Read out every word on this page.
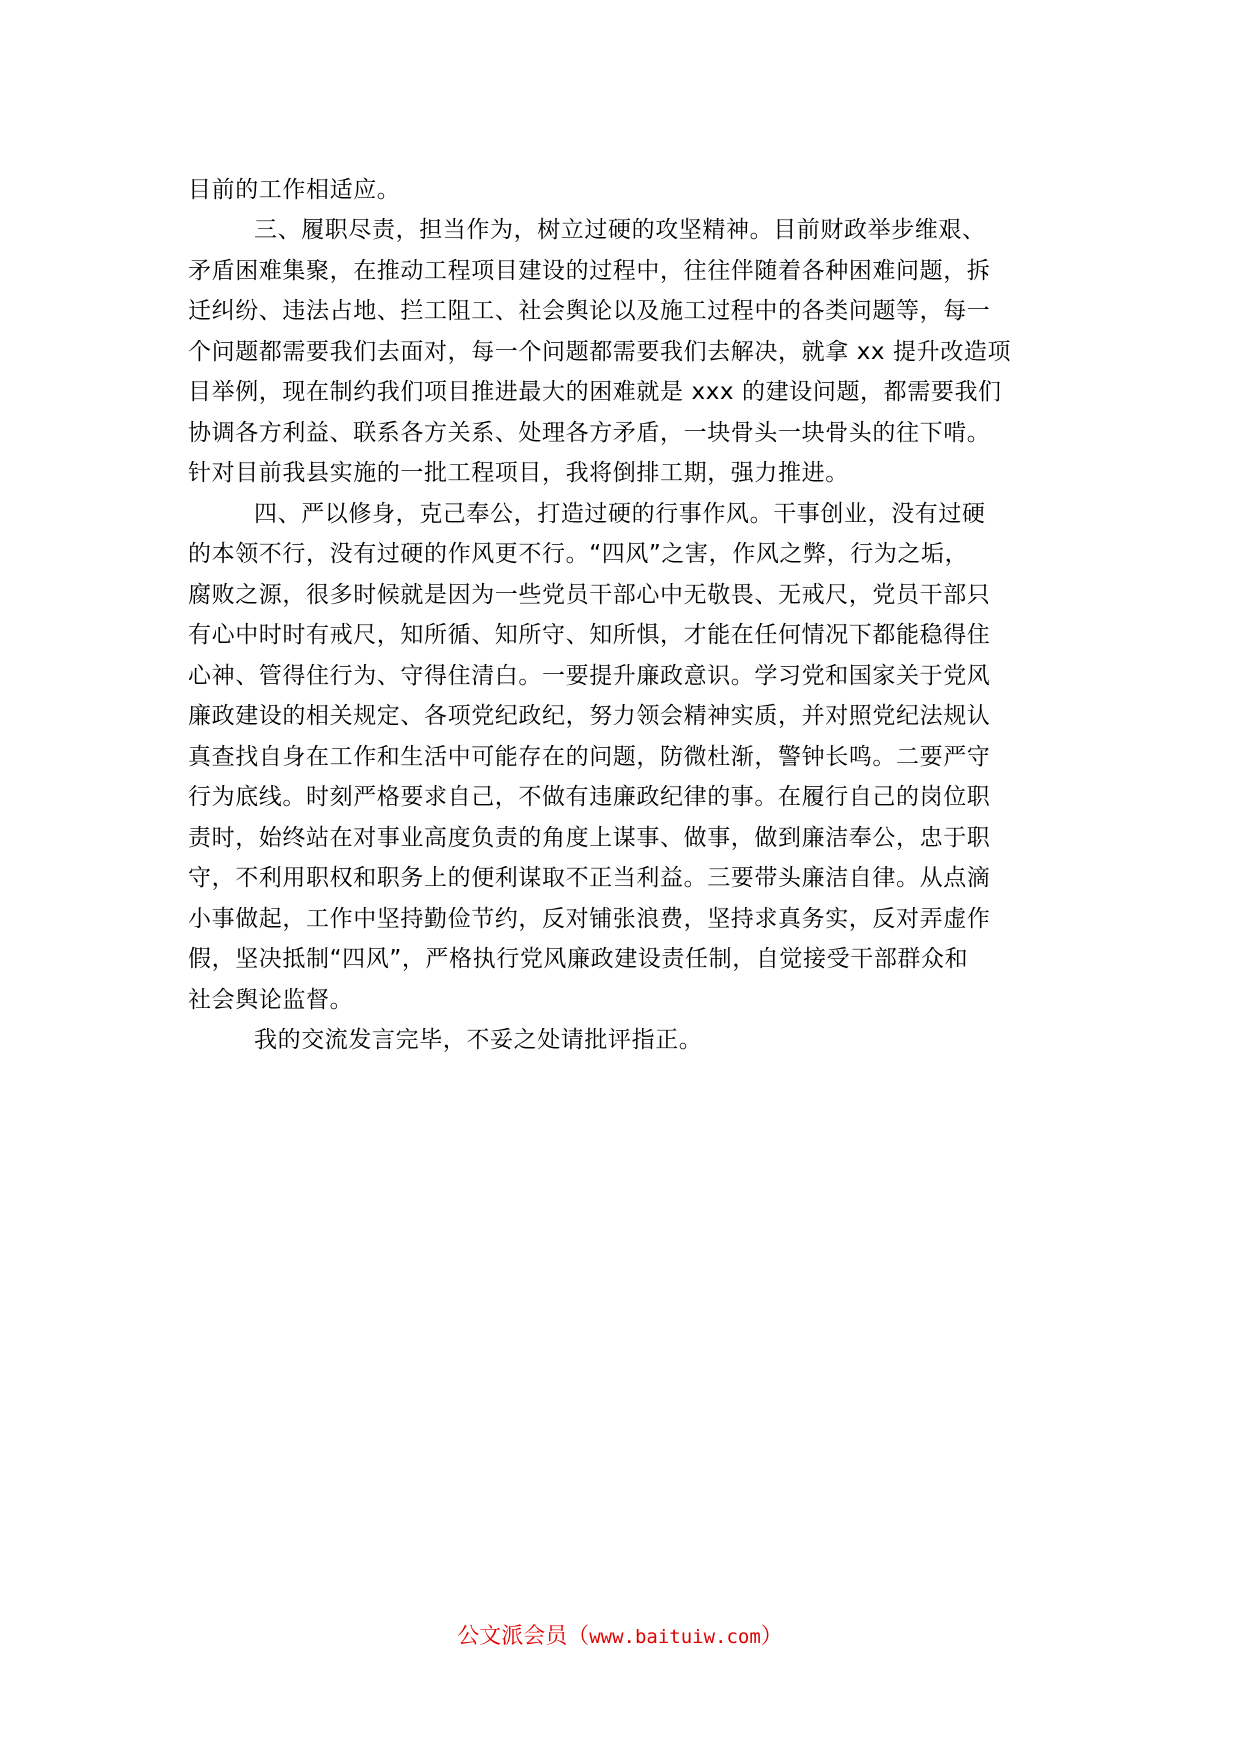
目前的工作相适应。
三、履职尽责，担当作为，树立过硬的攻坚精神。目前财政举步维艰、
矛盾困难集聚，在推动工程项目建设的过程中，往往伴随着各种困难问题，拆
迁纠纷、违法占地、拦工阻工、社会舆论以及施工过程中的各类问题等，每一
个问题都需要我们去面对，每一个问题都需要我们去解决，就拿 xx 提升改造项
目举例，现在制约我们项目推进最大的困难就是 xxx 的建设问题，都需要我们
协调各方利益、联系各方关系、处理各方矛盾，一块骨头一块骨头的往下啃。
针对目前我县实施的一批工程项目，我将倒排工期，强力推进。
四、严以修身，克己奉公，打造过硬的行事作风。干事创业，没有过硬
的本领不行，没有过硬的作风更不行。“四风”之害，作风之弊，行为之垢，
腐败之源，很多时候就是因为一些党员干部心中无敬畏、无戒尺，党员干部只
有心中时时有戒尺，知所循、知所守、知所惧，才能在任何情况下都能稳得住
心神、管得住行为、守得住清白。一要提升廉政意识。学习党和国家关于党风
廉政建设的相关规定、各项党纪政纪，努力领会精神实质，并对照党纪法规认
真查找自身在工作和生活中可能存在的问题，防微杜渐，警钟长鸣。二要严守
行为底线。时刻严格要求自己，不做有违廉政纪律的事。在履行自己的岗位职
责时，始终站在对事业高度负责的角度上谋事、做事，做到廉洁奉公，忠于职
守，不利用职权和职务上的便利谋取不正当利益。三要带头廉洁自律。从点滴
小事做起，工作中坚持勤俭节约，反对铺张浪费，坚持求真务实，反对弄虚作
假，坚决抵制“四风”，严格执行党风廉政建设责任制，自觉接受干部群众和
社会舆论监督。
我的交流发言完毕，不妥之处请批评指正。
公文派会员（www.baituiw.com）
